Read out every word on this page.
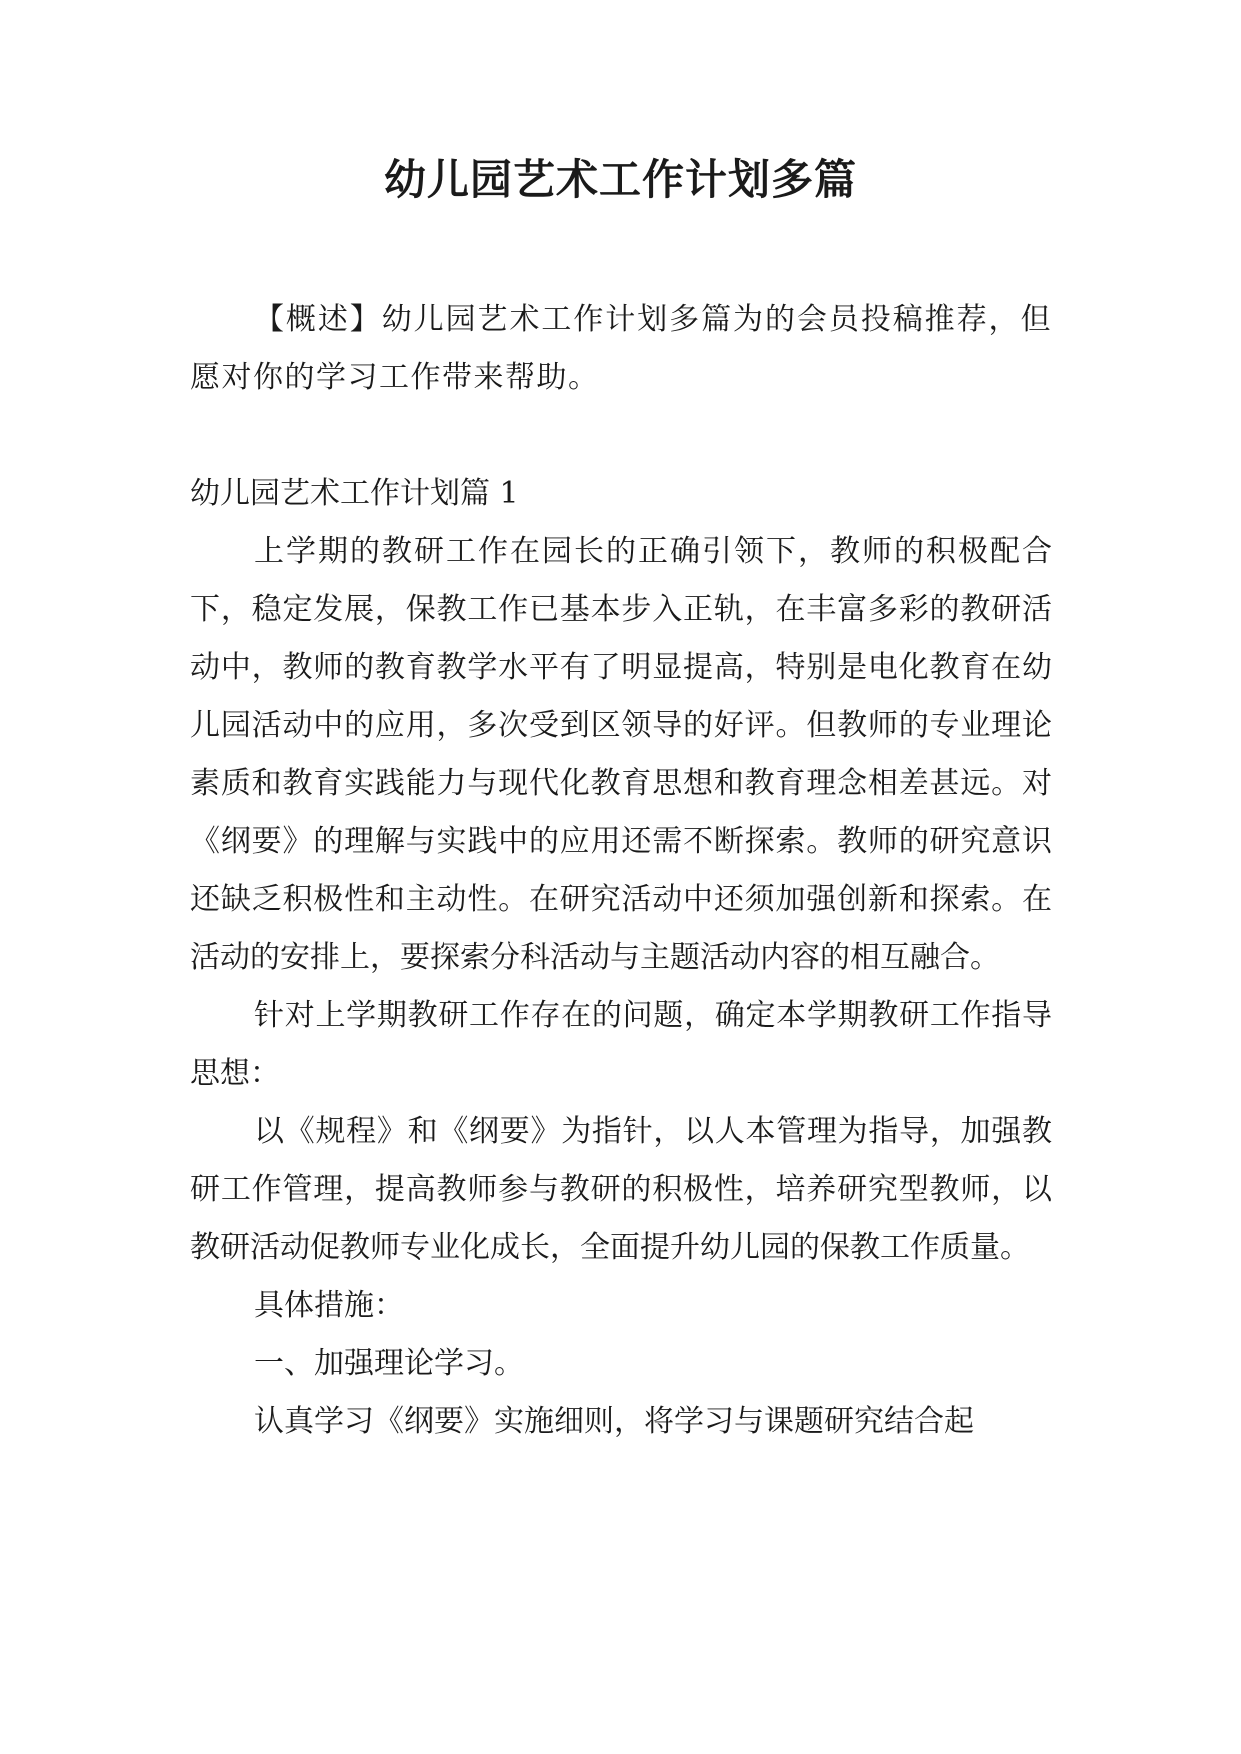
幼儿园艺术工作计划多篇

【概述】幼儿园艺术工作计划多篇为的会员投稿推荐，但愿对你的学习工作带来帮助。

幼儿园艺术工作计划篇 1

上学期的教研工作在园长的正确引领下，教师的积极配合下，稳定发展，保教工作已基本步入正轨，在丰富多彩的教研活动中，教师的教育教学水平有了明显提高，特别是电化教育在幼儿园活动中的应用，多次受到区领导的好评。但教师的专业理论素质和教育实践能力与现代化教育思想和教育理念相差甚远。对《纲要》的理解与实践中的应用还需不断探索。教师的研究意识还缺乏积极性和主动性。在研究活动中还须加强创新和探索。在活动的安排上，要探索分科活动与主题活动内容的相互融合。

针对上学期教研工作存在的问题，确定本学期教研工作指导思想：

以《规程》和《纲要》为指针，以人本管理为指导，加强教研工作管理，提高教师参与教研的积极性，培养研究型教师，以教研活动促教师专业化成长，全面提升幼儿园的保教工作质量。

具体措施：

一、加强理论学习。

认真学习《纲要》实施细则，将学习与课题研究结合起
